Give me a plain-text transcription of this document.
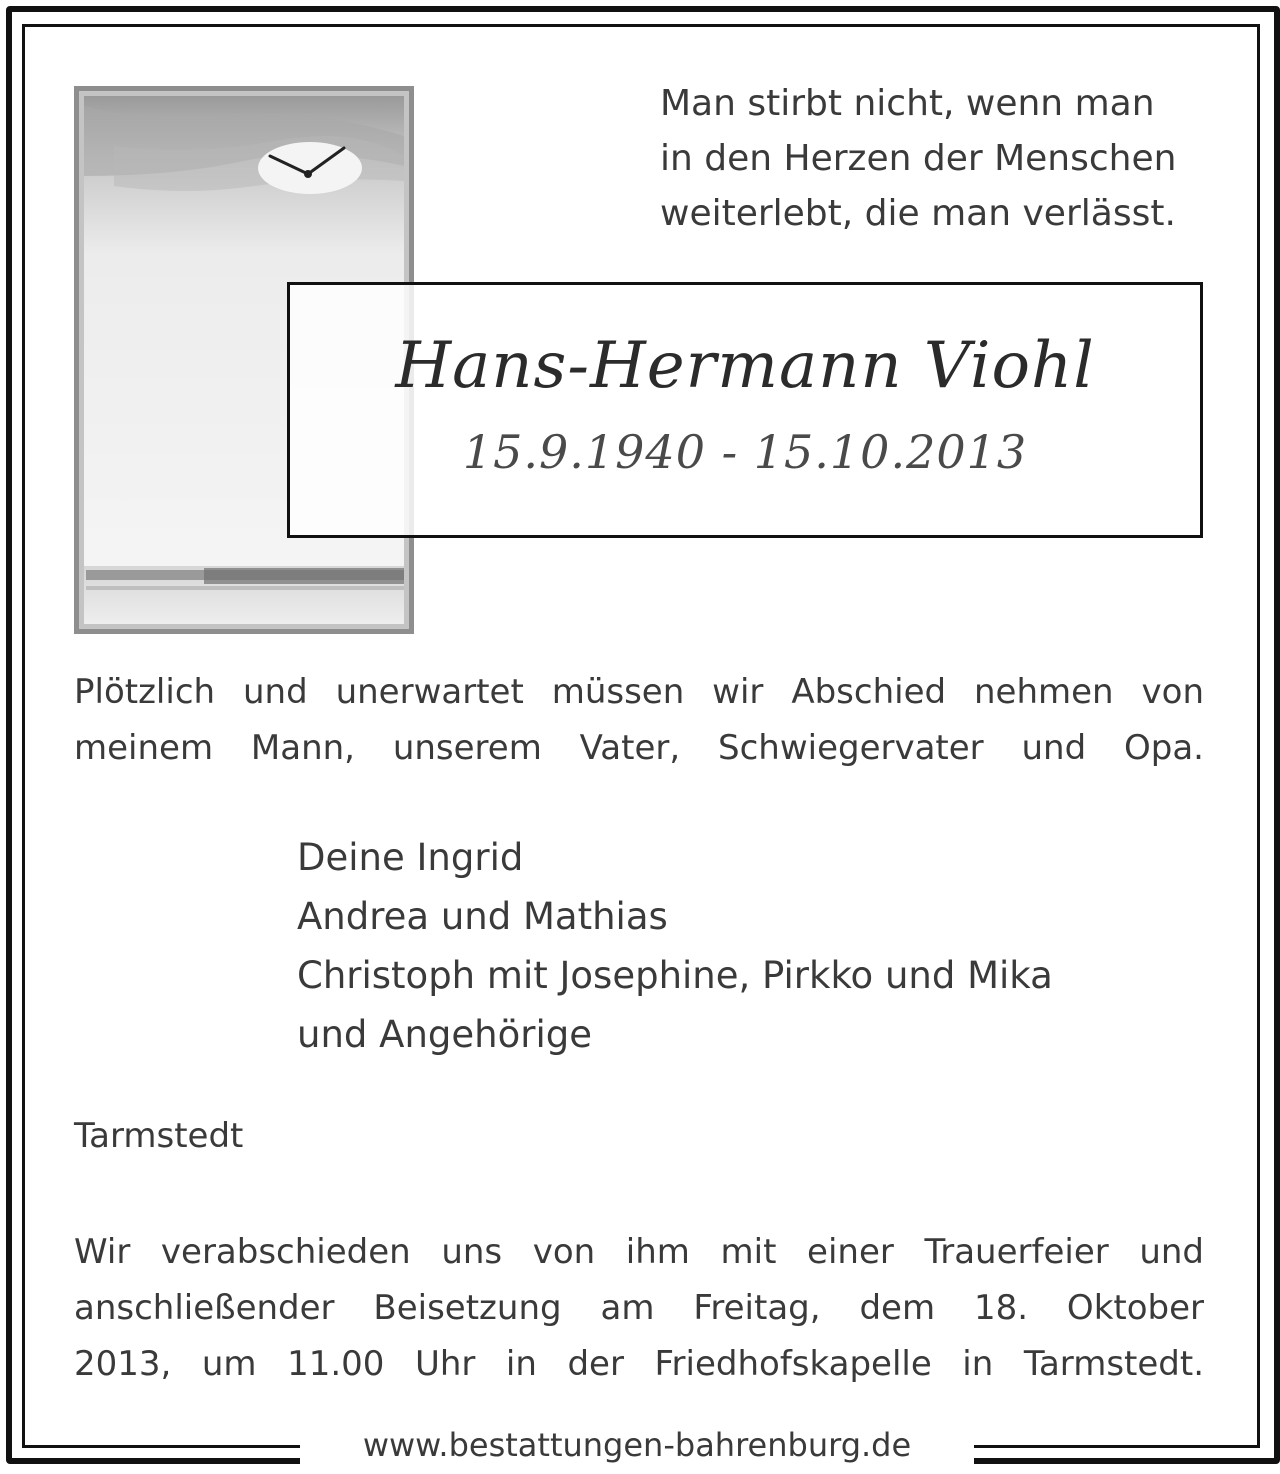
Man stirbt nicht, wenn man
in den Herzen der Menschen
weiterlebt, die man verlässt.
Hans-Hermann Viohl
15.9.1940 - 15.10.2013
Plötzlich und unerwartet müssen wir Abschied nehmen von
meinem Mann, unserem Vater, Schwiegervater und Opa.
Deine Ingrid
Andrea und Mathias
Christoph mit Josephine, Pirkko und Mika
und Angehörige
Tarmstedt
Wir verabschieden uns von ihm mit einer Trauerfeier und
anschließender Beisetzung am Freitag, dem 18. Oktober
2013, um 11.00 Uhr in der Friedhofskapelle in Tarmstedt.
www.bestattungen-bahrenburg.de
